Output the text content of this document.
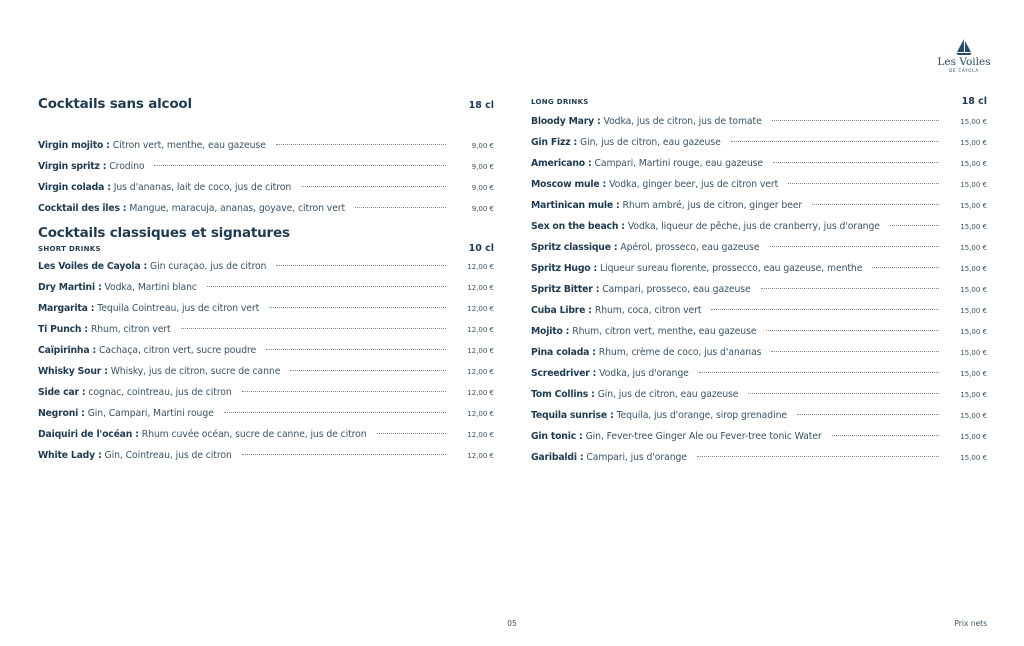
Les Voiles
DE CAYOLA
Cocktails sans alcool	18 cl
Virgin mojito : Citron vert, menthe, eau gazeuse	9,00 €
Virgin spritz : Crodino	9,00 €
Virgin colada : Jus d'ananas, lait de coco, jus de citron	9,00 €
Cocktail des îles : Mangue, maracuja, ananas, goyave, citron vert	9,00 €
Cocktails classiques et signatures
SHORT DRINKS	10 cl
Les Voiles de Cayola : Gin curaçao, jus de citron	12,00 €
Dry Martini : Vodka, Martini blanc	12,00 €
Margarita : Tequila Cointreau, jus de citron vert	12,00 €
Ti Punch : Rhum, citron vert	12,00 €
Caïpirinha : Cachaça, citron vert, sucre poudre	12,00 €
Whisky Sour : Whisky, jus de citron, sucre de canne	12,00 €
Side car : cognac, cointreau, jus de citron	12,00 €
Negroni : Gin, Campari, Martini rouge	12,00 €
Daiquiri de l'océan : Rhum cuvée océan, sucre de canne, jus de citron	12,00 €
White Lady : Gin, Cointreau, jus de citron	12,00 €
LONG DRINKS	18 cl
Bloody Mary : Vodka, jus de citron, jus de tomate	15,00 €
Gin Fizz : Gin, jus de citron, eau gazeuse	15,00 €
Americano : Campari, Martini rouge, eau gazeuse	15,00 €
Moscow mule : Vodka, ginger beer, jus de citron vert	15,00 €
Martinican mule : Rhum ambré, jus de citron, ginger beer	15,00 €
Sex on the beach : Vodka, liqueur de pêche, jus de cranberry, jus d'orange	15,00 €
Spritz classique : Apérol, prosseco, eau gazeuse	15,00 €
Spritz Hugo : Liqueur sureau fiorente, prossecco, eau gazeuse, menthe	15,00 €
Spritz Bitter : Campari, prosseco, eau gazeuse	15,00 €
Cuba Libre : Rhum, coca, citron vert	15,00 €
Mojito : Rhum, citron vert, menthe, eau gazeuse	15,00 €
Pina colada : Rhum, crème de coco, jus d'ananas	15,00 €
Screedriver : Vodka, jus d'orange	15,00 €
Tom Collins : Gin, jus de citron, eau gazeuse	15,00 €
Tequila sunrise : Tequila, jus d'orange, sirop grenadine	15,00 €
Gin tonic : Gin, Fever-tree Ginger Ale ou Fever-tree tonic Water	15,00 €
Garibaldi : Campari, jus d'orange	15,00 €
05	Prix nets
